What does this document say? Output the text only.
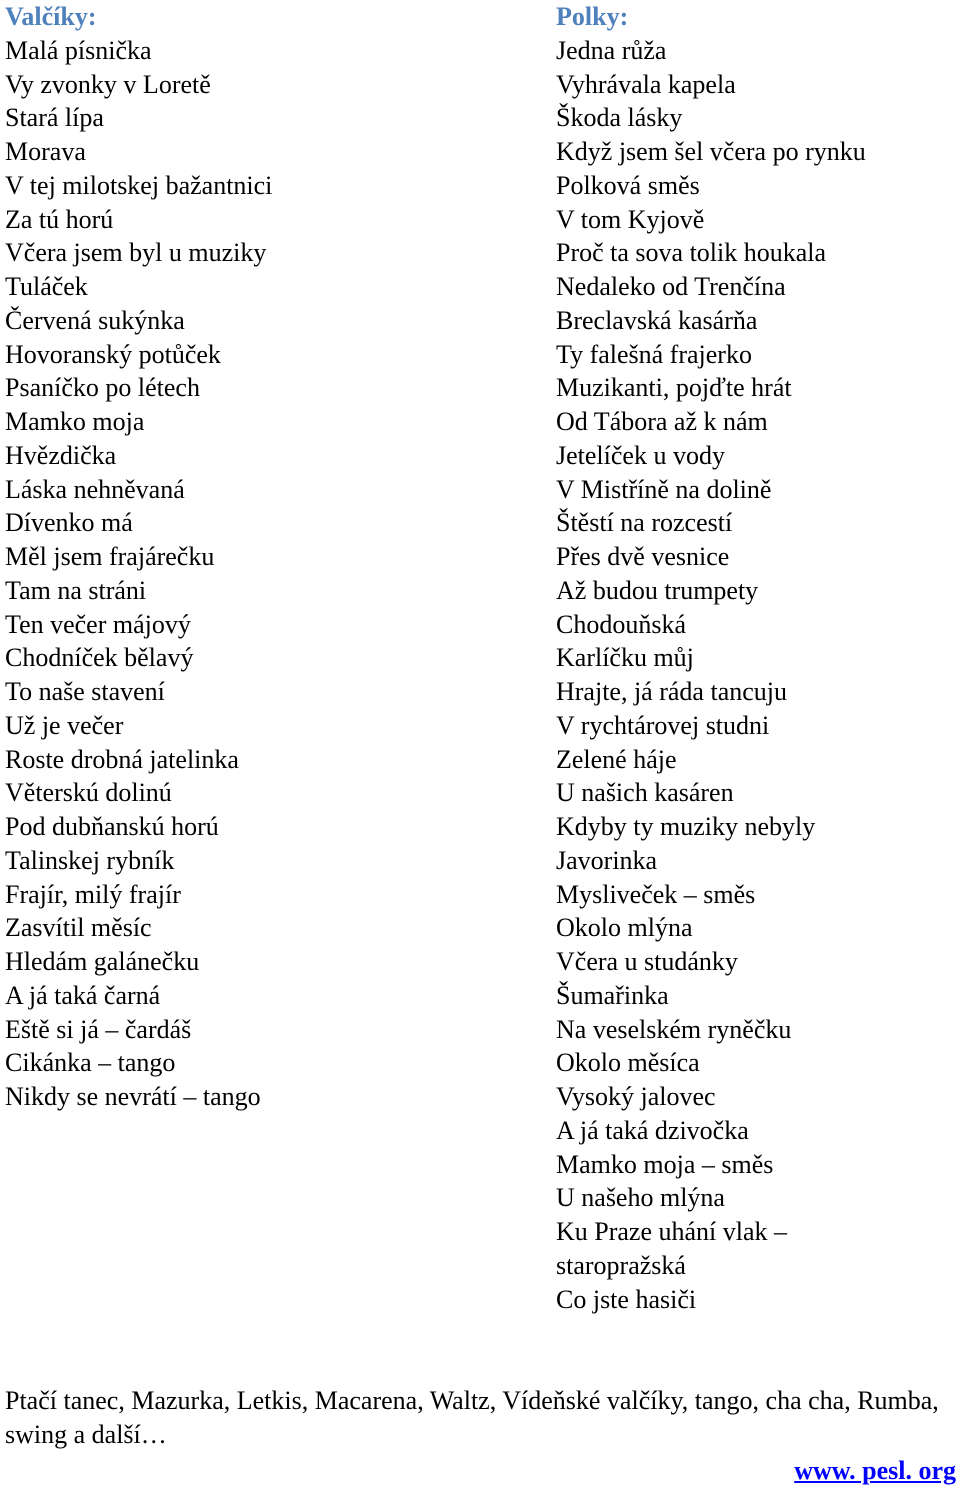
Valčíky:
Malá písnička
Vy zvonky v Loretě
Stará lípa
Morava
V tej milotskej bažantnici
Za tú horú
Včera jsem byl u muziky
Tuláček
Červená sukýnka
Hovoranský potůček
Psaníčko po létech
Mamko moja
Hvězdička
Láska nehněvaná
Dívenko má
Měl jsem frajárečku
Tam na stráni
Ten večer májový
Chodníček bělavý
To naše stavení
Už je večer
Roste drobná jatelinka
Věterskú dolinú
Pod dubňanskú horú
Talinskej rybník
Frajír, milý frajír
Zasvítil měsíc
Hledám galánečku
A já taká čarná
Eště si já – čardáš
Cikánka – tango
Nikdy se nevrátí – tango
Polky:
Jedna růža
Vyhrávala kapela
Škoda lásky
Když jsem šel včera po rynku
Polková směs
V tom Kyjově
Proč ta sova tolik houkala
Nedaleko od Trenčína
Breclavská kasárňa
Ty falešná frajerko
Muzikanti, pojďte hrát
Od Tábora až k nám
Jetelíček u vody
V Mistříně na dolině
Štěstí na rozcestí
Přes dvě vesnice
Až budou trumpety
Chodouňská
Karlíčku můj
Hrajte, já ráda tancuju
V rychtárovej studni
Zelené háje
U našich kasáren
Kdyby ty muziky nebyly
Javorinka
Mysliveček – směs
Okolo mlýna
Včera u studánky
Šumařinka
Na veselském ryněčku
Okolo měsíca
Vysoký jalovec
A já taká dzivočka
Mamko moja – směs
U našeho mlýna
Ku Praze uhání vlak –
staropražská
Co jste hasiči

Ptačí tanec, Mazurka, Letkis, Macarena, Waltz, Vídeňské valčíky, tango, cha cha, Rumba, swing a další…

www. pesl. org
